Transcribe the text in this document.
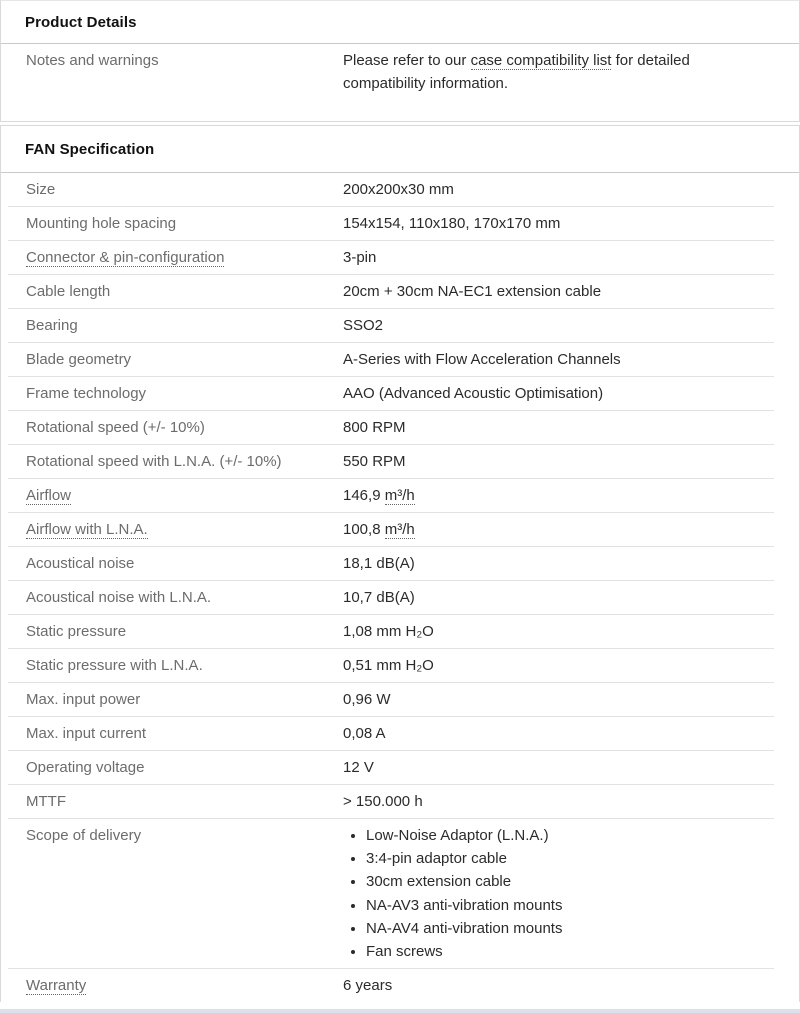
Product Details
Notes and warnings	Please refer to our case compatibility list for detailed compatibility information.
FAN Specification
Size	200x200x30 mm
Mounting hole spacing	154x154, 110x180, 170x170 mm
Connector & pin-configuration	3-pin
Cable length	20cm + 30cm NA-EC1 extension cable
Bearing	SSO2
Blade geometry	A-Series with Flow Acceleration Channels
Frame technology	AAO (Advanced Acoustic Optimisation)
Rotational speed (+/- 10%)	800 RPM
Rotational speed with L.N.A. (+/- 10%)	550 RPM
Airflow	146,9 m³/h
Airflow with L.N.A.	100,8 m³/h
Acoustical noise	18,1 dB(A)
Acoustical noise with L.N.A.	10,7 dB(A)
Static pressure	1,08 mm H₂O
Static pressure with L.N.A.	0,51 mm H₂O
Max. input power	0,96 W
Max. input current	0,08 A
Operating voltage	12 V
MTTF	> 150.000 h
Scope of delivery	• Low-Noise Adaptor (L.N.A.)
• 3:4-pin adaptor cable
• 30cm extension cable
• NA-AV3 anti-vibration mounts
• NA-AV4 anti-vibration mounts
• Fan screws
Warranty	6 years
